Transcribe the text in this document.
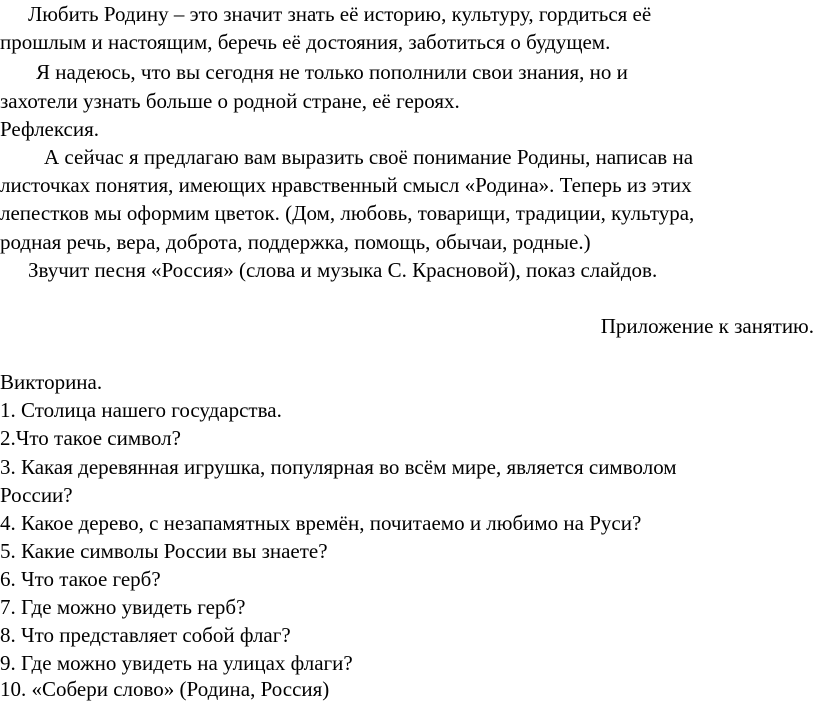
Любить Родину – это значит знать её историю, культуру, гордиться её
прошлым и настоящим, беречь её достояния, заботиться о будущем.
Я надеюсь, что вы сегодня не только пополнили свои знания, но и
захотели узнать больше о родной стране, её героях.
Рефлексия.
А сейчас я предлагаю вам выразить своё понимание Родины, написав на
листочках понятия, имеющих нравственный смысл «Родина». Теперь из этих
лепестков мы оформим цветок. (Дом, любовь, товарищи, традиции, культура,
родная речь, вера, доброта, поддержка, помощь, обычаи, родные.)
Звучит песня «Россия» (слова и музыка С. Красновой), показ слайдов.
Приложение к занятию.
Викторина.
1. Столица нашего государства.
2.Что такое символ?
3. Какая деревянная игрушка, популярная во всём мире, является символом
России?
4. Какое дерево, с незапамятных времён, почитаемо и любимо на Руси?
5. Какие символы России вы знаете?
6. Что такое герб?
7. Где можно увидеть герб?
8. Что представляет собой флаг?
9. Где можно увидеть на улицах флаги?
10. «Собери слово» (Родина, Россия)
